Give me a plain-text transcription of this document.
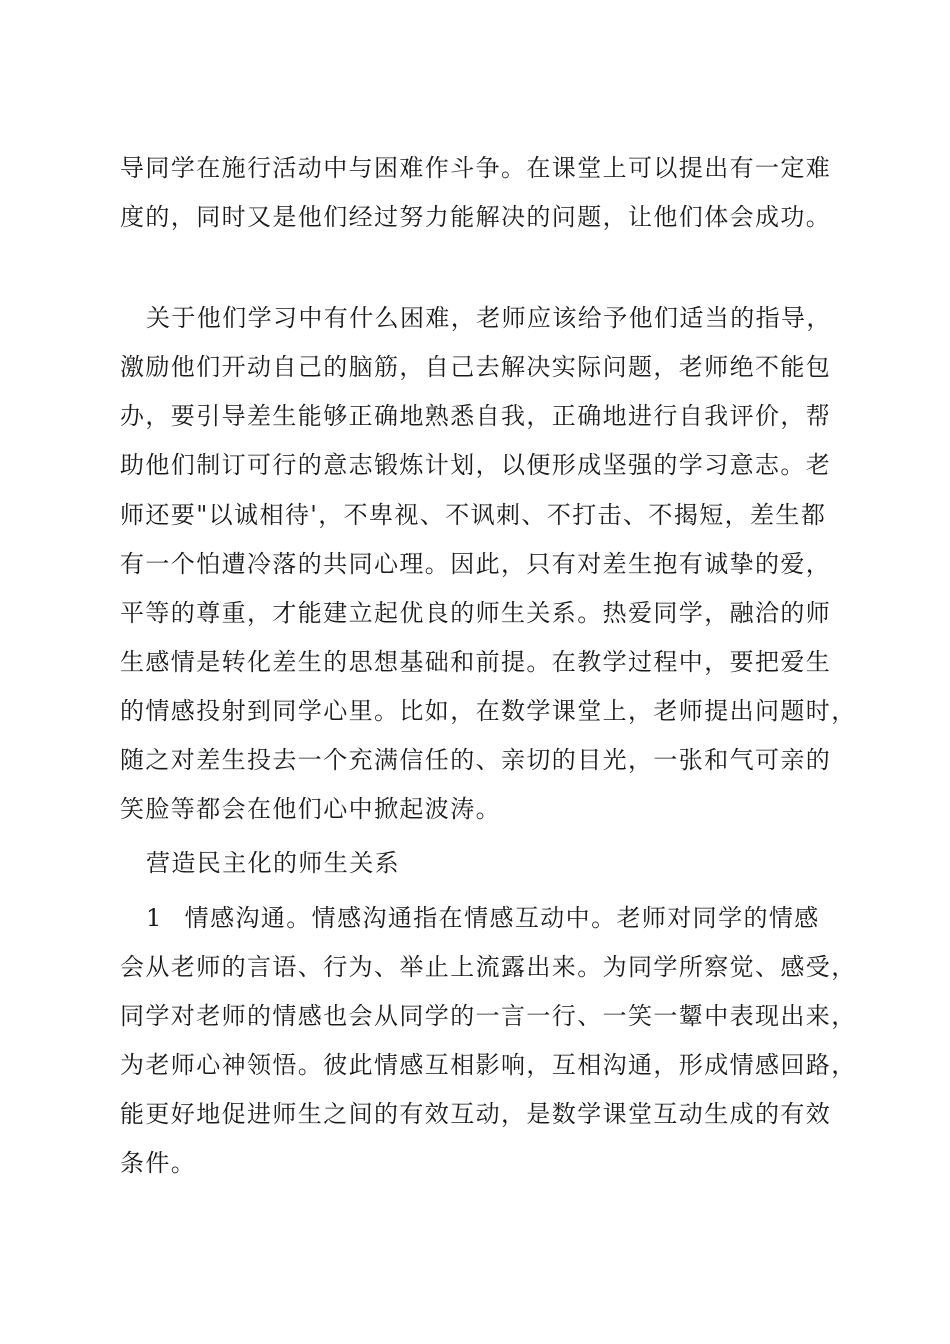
导同学在施行活动中与困难作斗争。在课堂上可以提出有一定难
度的，同时又是他们经过努力能解决的问题，让他们体会成功。
关于他们学习中有什么困难，老师应该给予他们适当的指导，
激励他们开动自己的脑筋，自己去解决实际问题，老师绝不能包
办，要引导差生能够正确地熟悉自我，正确地进行自我评价，帮
助他们制订可行的意志锻炼计划，以便形成坚强的学习意志。老
师还要"以诚相待'，不卑视、不讽刺、不打击、不揭短，差生都
有一个怕遭冷落的共同心理。因此，只有对差生抱有诚挚的爱，
平等的尊重，才能建立起优良的师生关系。热爱同学，融洽的师
生感情是转化差生的思想基础和前提。在教学过程中，要把爱生
的情感投射到同学心里。比如，在数学课堂上，老师提出问题时，
随之对差生投去一个充满信任的、亲切的目光，一张和气可亲的
笑脸等都会在他们心中掀起波涛。
营造民主化的师生关系
1 情感沟通。情感沟通指在情感互动中。老师对同学的情感
会从老师的言语、行为、举止上流露出来。为同学所察觉、感受，
同学对老师的情感也会从同学的一言一行、一笑一颦中表现出来，
为老师心神领悟。彼此情感互相影响，互相沟通，形成情感回路，
能更好地促进师生之间的有效互动，是数学课堂互动生成的有效
条件。
